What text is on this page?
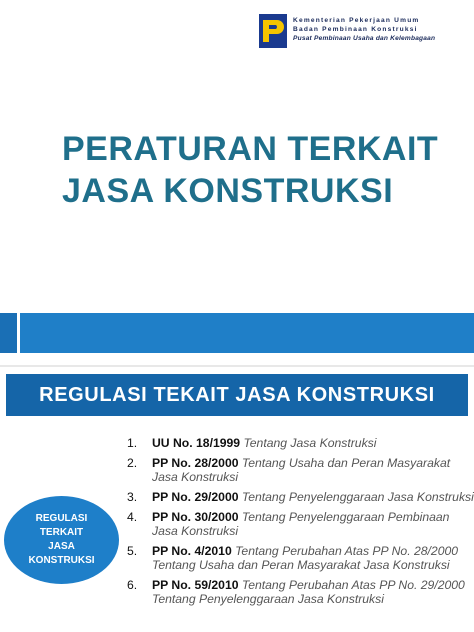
Kementerian Pekerjaan Umum
Badan Pembinaan Konstruksi
Pusat Pembinaan Usaha dan Kelembagaan
PERATURAN TERKAIT
JASA KONSTRUKSI
REGULASI TEKAIT JASA KONSTRUKSI
REGULASI
TERKAIT
JASA
KONSTRUKSI
1. UU No. 18/1999 Tentang Jasa Konstruksi
2. PP No. 28/2000 Tentang Usaha dan Peran Masyarakat Jasa Konstruksi
3. PP No. 29/2000 Tentang Penyelenggaraan Jasa Konstruksi
4. PP No. 30/2000 Tentang Penyelenggaraan Pembinaan Jasa Konstruksi
5. PP No. 4/2010 Tentang Perubahan Atas PP No. 28/2000 Tentang Usaha dan Peran Masyarakat Jasa Konstruksi
6. PP No. 59/2010 Tentang Perubahan Atas PP No. 29/2000 Tentang Penyelenggaraan Jasa Konstruksi
